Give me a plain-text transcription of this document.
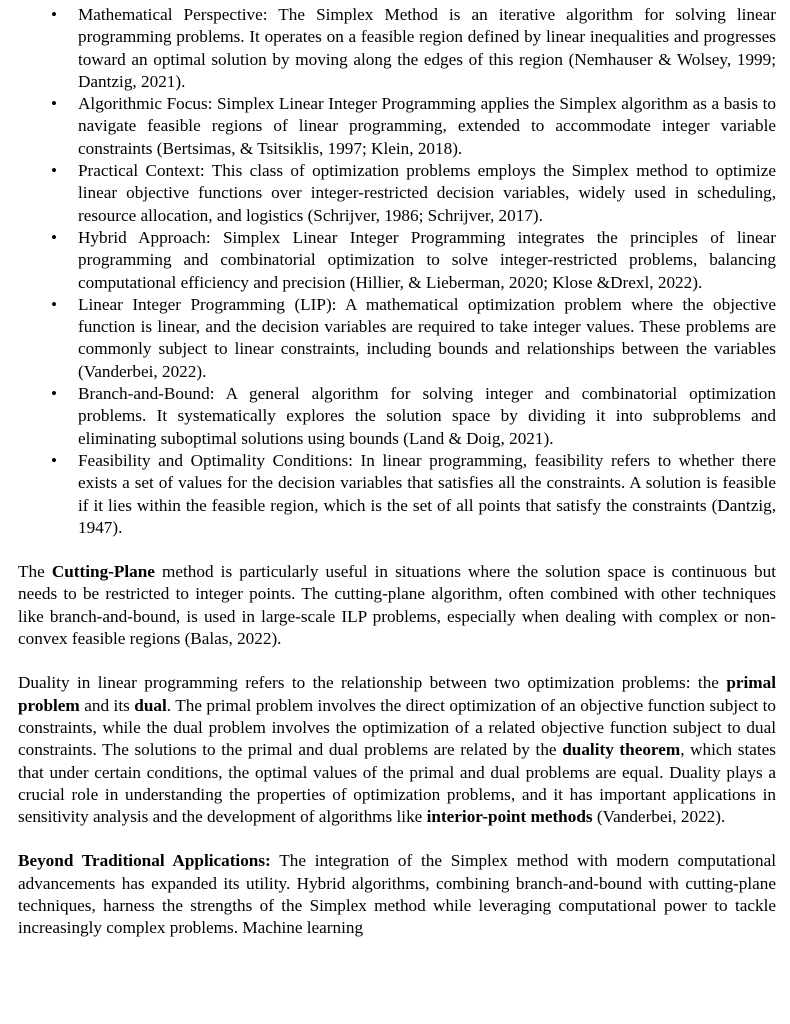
• Mathematical Perspective: The Simplex Method is an iterative algorithm for solving linear programming problems. It operates on a feasible region defined by linear inequalities and progresses toward an optimal solution by moving along the edges of this region (Nemhauser & Wolsey, 1999; Dantzig, 2021).
• Algorithmic Focus: Simplex Linear Integer Programming applies the Simplex algorithm as a basis to navigate feasible regions of linear programming, extended to accommodate integer variable constraints (Bertsimas, & Tsitsiklis, 1997; Klein, 2018).
• Practical Context: This class of optimization problems employs the Simplex method to optimize linear objective functions over integer-restricted decision variables, widely used in scheduling, resource allocation, and logistics (Schrijver, 1986; Schrijver, 2017).
• Hybrid Approach: Simplex Linear Integer Programming integrates the principles of linear programming and combinatorial optimization to solve integer-restricted problems, balancing computational efficiency and precision (Hillier, & Lieberman, 2020; Klose &Drexl, 2022).
• Linear Integer Programming (LIP): A mathematical optimization problem where the objective function is linear, and the decision variables are required to take integer values. These problems are commonly subject to linear constraints, including bounds and relationships between the variables (Vanderbei, 2022).
• Branch-and-Bound: A general algorithm for solving integer and combinatorial optimization problems. It systematically explores the solution space by dividing it into subproblems and eliminating suboptimal solutions using bounds (Land & Doig, 2021).
• Feasibility and Optimality Conditions: In linear programming, feasibility refers to whether there exists a set of values for the decision variables that satisfies all the constraints. A solution is feasible if it lies within the feasible region, which is the set of all points that satisfy the constraints (Dantzig, 1947).

The Cutting-Plane method is particularly useful in situations where the solution space is continuous but needs to be restricted to integer points. The cutting-plane algorithm, often combined with other techniques like branch-and-bound, is used in large-scale ILP problems, especially when dealing with complex or non-convex feasible regions (Balas, 2022).

Duality in linear programming refers to the relationship between two optimization problems: the primal problem and its dual. The primal problem involves the direct optimization of an objective function subject to constraints, while the dual problem involves the optimization of a related objective function subject to dual constraints. The solutions to the primal and dual problems are related by the duality theorem, which states that under certain conditions, the optimal values of the primal and dual problems are equal. Duality plays a crucial role in understanding the properties of optimization problems, and it has important applications in sensitivity analysis and the development of algorithms like interior-point methods (Vanderbei, 2022).

Beyond Traditional Applications: The integration of the Simplex method with modern computational advancements has expanded its utility. Hybrid algorithms, combining branch-and-bound with cutting-plane techniques, harness the strengths of the Simplex method while leveraging computational power to tackle increasingly complex problems. Machine learning
